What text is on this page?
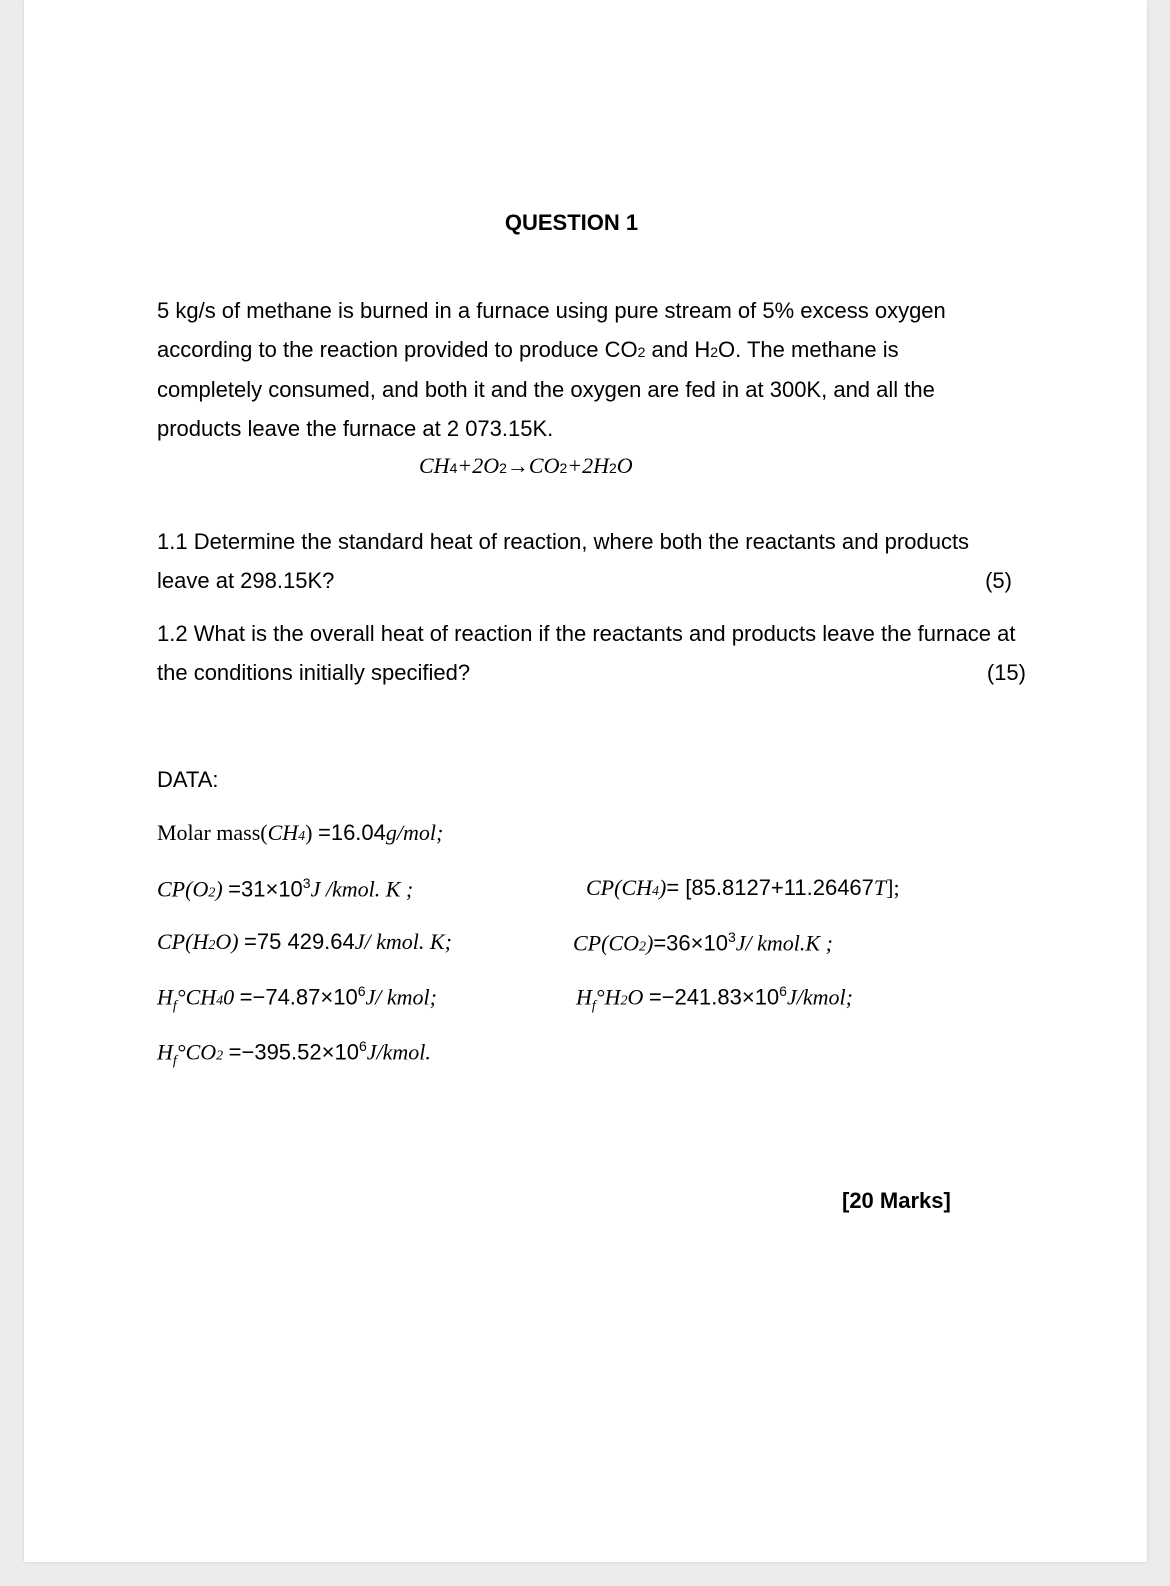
QUESTION 1
5 kg/s of methane is burned in a furnace using pure stream of 5% excess oxygen
according to the reaction provided to produce CO2 and H2O. The methane is
completely consumed, and both it and the oxygen are fed in at 300K, and all the
products leave the furnace at 2 073.15K.
CH4+2O2→CO2+2H2O
1.1 Determine the standard heat of reaction, where both the reactants and products
leave at 298.15K?	(5)
1.2 What is the overall heat of reaction if the reactants and products leave the furnace at
the conditions initially specified?	(15)
DATA:
Molar mass(CH4) =16.04g/mol;
$CP(O2) =31\times 10^3J$ /kmol. K ;	CP(CH4)= [85.8127+11.26467T];
CP(H2O) =75 429.64J/ kmol. K;	$CP(CO2)=36\times 10^3J/$ kmol.K ;
$H_f^\circ CH40 =-74.87\times 10^6J/$ kmol;	$H_f^\circ H2O$ $=-241.83\times 10^6J$/kmol;
$H_f^\circ CO2$ $=-395.52\times 10^6J$/kmol.
[20 Marks]
